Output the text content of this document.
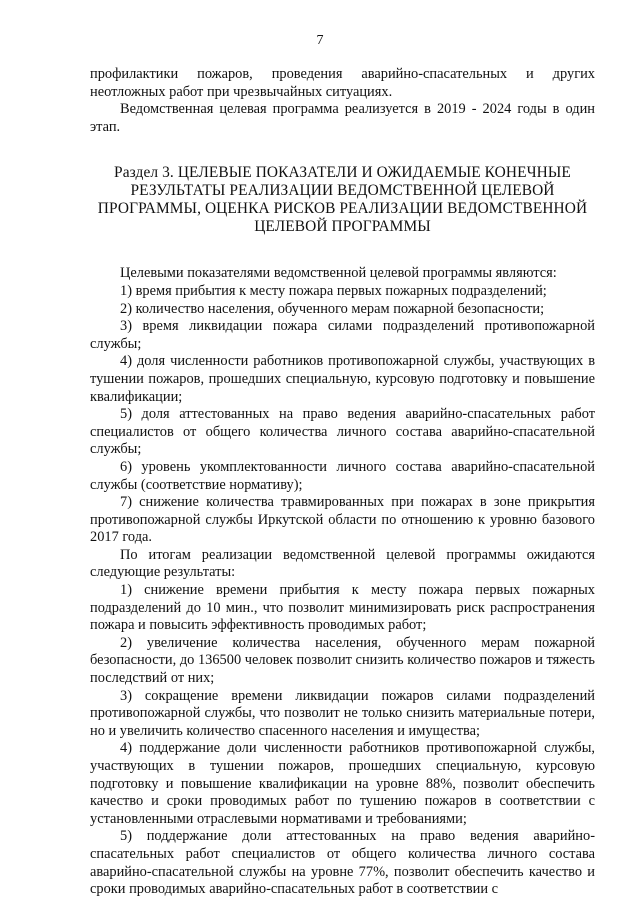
7

профилактики пожаров, проведения аварийно-спасательных и других неотложных работ при чрезвычайных ситуациях.

Ведомственная целевая программа реализуется в 2019 - 2024 годы в один этап.

Раздел 3. ЦЕЛЕВЫЕ ПОКАЗАТЕЛИ И ОЖИДАЕМЫЕ КОНЕЧНЫЕ РЕЗУЛЬТАТЫ РЕАЛИЗАЦИИ ВЕДОМСТВЕННОЙ ЦЕЛЕВОЙ ПРОГРАММЫ, ОЦЕНКА РИСКОВ РЕАЛИЗАЦИИ ВЕДОМСТВЕННОЙ ЦЕЛЕВОЙ ПРОГРАММЫ

Целевыми показателями ведомственной целевой программы являются:

1) время прибытия к месту пожара первых пожарных подразделений;

2) количество населения, обученного мерам пожарной безопасности;

3) время ликвидации пожара силами подразделений противопожарной службы;

4) доля численности работников противопожарной службы, участвующих в тушении пожаров, прошедших специальную, курсовую подготовку и повышение квалификации;

5) доля аттестованных на право ведения аварийно-спасательных работ специалистов от общего количества личного состава аварийно-спасательной службы;

6) уровень укомплектованности личного состава аварийно-спасательной службы (соответствие нормативу);

7) снижение количества травмированных при пожарах в зоне прикрытия противопожарной службы Иркутской области по отношению к уровню базового 2017 года.

По итогам реализации ведомственной целевой программы ожидаются следующие результаты:

1) снижение времени прибытия к месту пожара первых пожарных подразделений до 10 мин., что позволит минимизировать риск распространения пожара и повысить эффективность проводимых работ;

2) увеличение количества населения, обученного мерам пожарной безопасности, до 136500 человек позволит снизить количество пожаров и тяжесть последствий от них;

3) сокращение времени ликвидации пожаров силами подразделений противопожарной службы, что позволит не только снизить материальные потери, но и увеличить количество спасенного населения и имущества;

4) поддержание доли численности работников противопожарной службы, участвующих в тушении пожаров, прошедших специальную, курсовую подготовку и повышение квалификации на уровне 88%, позволит обеспечить качество и сроки проводимых работ по тушению пожаров в соответствии с установленными отраслевыми нормативами и требованиями;

5) поддержание доли аттестованных на право ведения аварийно-спасательных работ специалистов от общего количества личного состава аварийно-спасательной службы на уровне 77%, позволит обеспечить качество и сроки проводимых аварийно-спасательных работ в соответствии с
